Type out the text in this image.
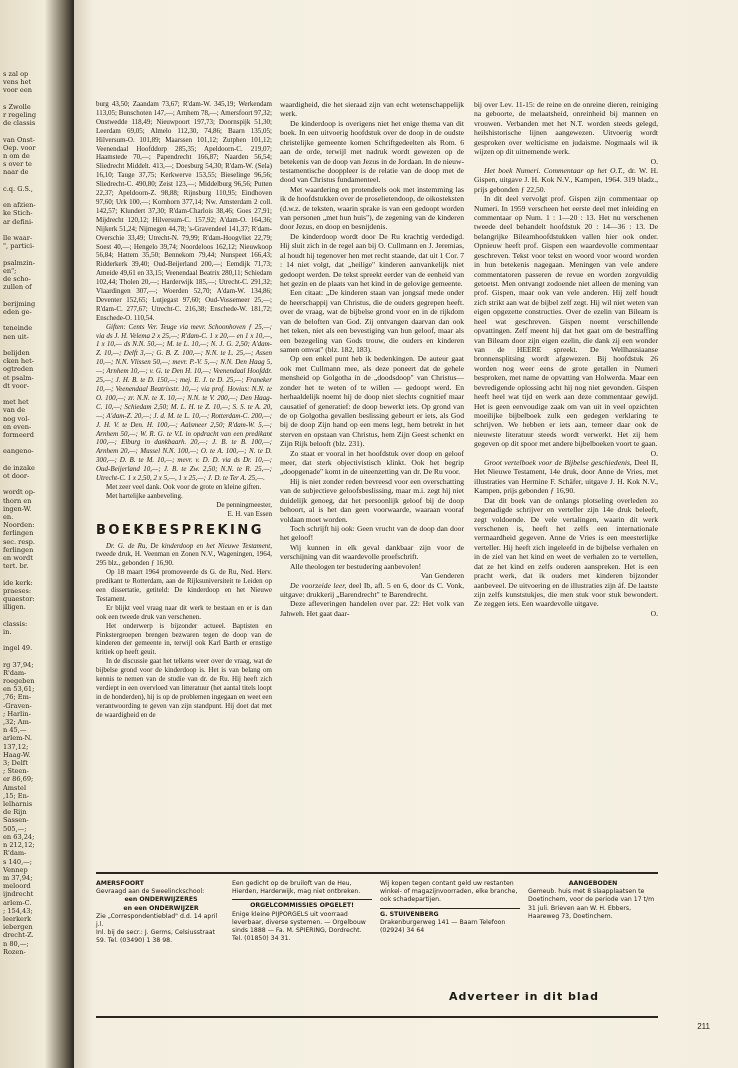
s zal op
vens het
voor een

s Zwolle
r regeling
de classis

van Onst-
Oep. voor
n om de
s over te
naar de

c.q. G.S.,

en afzien-
ke Stich-
ar defini-

lle waar-
", partici-

psalmzin-
en";
de scho-
zullen of

berijming
eden ge-

teneinde
nen uit-

belijden
cken het-
ogtreden
et psalm-
dt voor-

met het
van de
nog vol-
en even-
formeerd

eangeno-

de inzake
ot door-

wordt op-
thorn en
ingen-W.
en.
Noorden:
ferlingen
sec. resp.
ferlingen
en wordt
tert. br.

ide kerk:
praeses:
quaestor:
illigen.

classis:
in.

ingel 49.

rg 37,94;
R'dam-
roegeben
en 53,61;
,76; Em-
-Graven-
; Harlin-
,32; Am-
n 45,—
arlem-N.
137,12;
Haag-W.
3; Delft
; Steen-
er 86,69;
Amstel
,15; En-
lelharnis
de Rijn
Sassen-
505,—;
en 63,24;
n 212,12;
R'dam-
s 140,—;
Vennep
m 37,94;
meloord
ijndrecht
arlem-C.
; 154,43;
leerkerk
iebergen
drecht-Z.
n 80,—;
Rozen-

burg 43,50; Zaandam 73,67; R'dam-W. 345,19; Werkendam 113,05; Bunschoten 147,—; Arnhem 78,—; Amersfoort 97,32; Onstwedde 118,49; Nieuwpoort 197,73; Doornspijk 51,30; Leerdam 69,05; Almelo 112,30, 74,86; Baarn 135,05; Hilversum-O. 101,89; Maarssen 101,12; Zutphen 101,12; Veenendaal Hoofddorp 285,35; Apeldoorn-C. 219,07; Haamstede 70,—; Papendrecht 166,87; Naarden 56,54; Sliedrecht Middelt. 413,—; Doesburg 54,30; R'dam-W. (Sela) 16,10; Tauge 37,75; Kerkwerve 153,55; Bieselinge 96,56; Sliedrecht-C. 490,80; Zeist 123,—; Middelburg 96,56; Putten 22,37; Apeldoorn-Z. 98,88; Rijnsburg 110,95; Eindhoven 97,60; Urk 100,—; Kornhorn 377,14; Nw. Amsterdam 2 coll. 142,57; Klundert 37,30; R'dam-Charlois 38,46; Goes 27,91; Mijdrecht 120,12; Hilversum-C. 157,92; A'dam-O. 164,36; Nijkerk 51,24; Nijmegen 44,78; 's-Gravendeel 141,37; R'dam-Overschie 33,49; Utrecht-N. 79,99; R'dam-Hoogvliet 22,79; Soest 40,—; Hengelo 39,74; Noordeloos 162,12; Nieuwkoop 56,84; Hattem 35,50; Bennekom 79,44; Nunspeet 166,43; Ridderkerk 39,40; Oud-Beijerland 200,—; Eemdijk 71,73; Ameide 49,61 en 33,15; Veenendaal Beatrix 280,11; Schiedam 102,44; Tholen 20,—; Harderwijk 185,—; Utrecht-C. 291,32; Vlaardingen 307,—; Woerden 52,70; A'dam-W. 134,86; Deventer 152,65; Lutjegast 97,60; Oud-Vossemeer 25,—; R'dam-C. 277,67; Utrecht-C. 216,38; Enschede-W. 181,72; Enschede-O. 110,54.

Giften: Cents Ver. Teuge via mevr. Schoonhoven ƒ 25,—; via ds J. H. Velema 2 x 25,—; R'dam-C. 1 x 20,— en 1 x 10,—, 1 x 10,— ds N.N. 50,—; M. te L. 10,—; N. J. G. 2,50; A'dam-Z. 10,—; Delft 3,—; G. B. Z. 100,—; N.N. te L. 25,—; Assen 10,—; N.N. Vlissen 50,—; mevr. P.-V. 5,—; N.N. Den Haag 5,—; Arnhem 10,—; v. G. te Den H. 10,—; Veenendaal Hoofddr. 25,—; J. H. B. te D. 150,—; mej. E. J. te D. 25,—; Franeker 10,—; Veenendaal Beatrixstr. 10,—; via prof. Hovius: N.N. te O. 100,—; zr. N.N. te X. 10,—; N.N. te V. 200,—; Den Haag-C. 10,—; Schiedam 2,50; M. L. H. te Z. 10,—; S. S. te A. 20,—; A'dam-Z. 20,—; J. d. M. te L. 10,—; Rotterdam-C. 200,—; J. H. V. te Den. H. 100,—; Aalsmeer 2,50; R'dam-W. 5,—; Arnhem 50,—; W. R. G. te V.L in opdracht van een predikant 100,—; Elburg in dankbaarh. 20,—; J. B. te B. 100,—; Arnhem 20,—; Mussel N.N. 100,—; O. te A. 100,—; N. te D. 300,—; D. B. te M. 10,—; mevr. v. D. D. via ds Dr. 10,—; Oud-Beijerland 10,—; J. B. te Zw. 2,50; N.N. te R. 25,—; Utrecht-C. 1 x 2,50, 2 x 5,—, 1 x 25,—; J. D. te Ter A. 25,—.

Met zeer veel dank. Ook voor de grote en kleine giften.

Met hartelijke aanbeveling.

De penningmeester,

E. H. van Essen

BOEKBESPREKING

Dr. G. de Ru, De kinderdoop en het Nieuwe Testament, tweede druk, H. Veenman en Zonen N.V., Wageningen, 1964, 295 blz., gebonden ƒ 16,90.

Op 18 maart 1964 promoveerde ds G. de Ru, Ned. Herv. predikant te Rotterdam, aan de Rijksuniversiteit te Leiden op een dissertatie, getiteld: De kinderdoop en het Nieuwe Testament.

Er blijkt veel vraag naar dit werk te bestaan en er is dan ook een tweede druk van verschenen.

Het onderwerp is bijzonder actueel. Baptisten en Pinkstergroepen brengen bezwaren tegen de doop van de kinderen der gemeente in, terwijl ook Karl Barth er ernstige kritiek op heeft geuit.

In de discussie gaat het telkens weer over de vraag, wat de bijbelse grond voor de kinderdoop is. Het is van belang om kennis te nemen van de studie van dr. de Ru. Hij heeft zich verdiept in een overvloed van litteratuur (het aantal titels loopt in de honderden), hij is op de problemen ingegaan en weet een verantwoording te geven van zijn standpunt. Hij doet dat met de waardigheid en de

waardigheid, die het sieraad zijn van echt wetenschappelijk werk.

De kinderdoop is overigens niet het enige thema van dit boek. In een uitvoerig hoofdstuk over de doop in de oudste christelijke gemeente komen Schriftgedeelten als Rom. 6 aan de orde, terwijl met nadruk wordt gewezen op de betekenis van de doop van Jezus in de Jordaan. In de nieuw-testamentische dooppleer is de relatie van de doop met de dood van Christus fundamenteel.

Met waardering en protendeels ook met instemming las ik de hoofdstukken over de proselietendoop, de oikosteksten (d.w.z. de teksten, waarin sprake is van een gedoopt worden van personen „met hun huis"), de zegening van de kinderen door Jezus, en doop en besnijdenis.

De kinderdoop wordt door De Ru krachtig verdedigd. Hij sluit zich in de regel aan bij O. Cullmann en J. Jeremias, al houdt hij tegenover hen met recht staande, dat uit 1 Cor. 7 : 14 niet volgt, dat „heilige" kinderen aanvankelijk niet gedoopt werden. De tekst spreekt eerder van de eenheid van het gezin en de plaats van het kind in de gelovige gemeente.

Een citaat: „De kinderen staan van jongsaf mede onder de heerschappij van Christus, die de ouders gegrepen heeft. over de vraag, wat de bijbelse grond voor en in de rijkdom van de beloften van God. Zij ontvangen daarvan dan ook het teken, niet als een bevestiging van hun geloof, maar als een bezegeling van Gods trouw, die ouders en kinderen samen omvat" (blz. 182, 183).

Op een enkel punt heb ik bedenkingen. De auteur gaat ook met Cullmann mee, als deze poneert dat de gehele mensheid op Golgotha in de „doodsdoop" van Christus— zonder het te weten of te willen — gedoopt werd. En herhaaldelijk noemt hij de doop niet slechts cognitief maar causatief of generatief: de doop bewerkt iets. Op grond van de op Golgotha gevallen beslissing gebeurt er iets, als God bij de doop Zijn hand op een mens legt, hem betrekt in het sterven en opstaan van Christus, hem Zijn Geest schenkt en Zijn Rijk belooft (blz. 231).

Zo staat er vooral in het hoofdstuk over doop en geloof meer, dat sterk objectivistisch klinkt. Ook het begrip „doopgenade" komt in de uiteenzetting van dr. De Ru voor.

Hij is niet zonder reden bevreesd voor een overschatting van de subjectieve geloofsbeslissing, maar m.i. zegt hij niet duidelijk genoeg, dat het persoonlijk geloof bij de doop behoort, al is het dan geen voorwaarde, waaraan vooraf voldaan moet worden.

Toch schrijft hij ook: Geen vrucht van de doop dan door het geloof!

Wij kunnen in elk geval dankbaar zijn voor de verschijning van dit waardevolle proefschrift.

Alle theologen ter bestudering aanbevolen!

Van Genderen

De voorzeide leer, deel Ib, afl. 5 en 6, door ds C. Vonk, uitgave: drukkerij „Barendrecht" te Barendrecht.

Deze afleveringen handelen over par. 22: Het volk van Jahweh. Het gaat daar-

bij over Lev. 11-15: de reine en de onreine dieren, reiniging na geboorte, de melaatsheid, onreinheid bij mannen en vrouwen. Verbanden met het N.T. worden steeds gelegd, heilshistorische lijnen aangewezen. Uitvoerig wordt gesproken over welticisme en judaisme. Nogmaals wil ik wijzen op dit uitnemende werk.

O.

Het boek Numeri. Commentaar op het O.T., dr. W. H. Gispen, uitgave J. H. Kok N.V., Kampen, 1964. 319 bladz., prijs gebonden ƒ 22,50.

In dit deel vervolgt prof. Gispen zijn commentaar op Numeri. In 1959 verscheen het eerste deel met inleiding en commentaar op Num. 1 : 1—20 : 13. Het nu verschenen tweede deel behandelt hoofdstuk 20 : 14—36 : 13. De belangrijke Bileamhoofdstukken vallen hier ook onder. Opnieuw heeft prof. Gispen een waardevolle commentaar geschreven. Tekst voor tekst en woord voor woord worden in hun betekenis nagegaan. Meningen van vele andere commentatoren passeren de revue en worden zorgvuldig getoetst. Men ontvangt zodoende niet alleen de mening van prof. Gispen, maar ook van vele anderen. Hij zelf houdt zich strikt aan wat de bijbel zelf zegt. Hij wil niet weten van eigen opgezette constructies. Over de ezelin van Bileam is heel wat geschreven. Gispen noemt verschillende opvattingen. Zelf meent hij dat het gaat om de bestraffing van Bileam door zijn eigen ezelin, die dank zij een wonder van de HEERE spreekt. De Wellhausiaanse bronnensplitsing wordt afgewezen. Bij hoofdstuk 26 worden nog weer eens de grote getallen in Numeri besproken, met name de opvatting van Holwerda. Maar een bevredigende oplossing acht hij nog niet gevonden. Gispen heeft heel wat tijd en werk aan deze commentaar gewijd. Het is geen eenvoudige zaak om van uit in veel opzichten moeilijke bijbelboek zulk een gedegen verklaring te schrijven. We hebben er iets aan, temeer daar ook de nieuwste literatuur steeds wordt verwerkt. Het zij hem gegeven op dit spoor met andere bijbelboeken voort te gaan.

O.

Groot vertelboek voor de Bijbelse geschiedenis, Deel II, Het Nieuwe Testament, 14e druk, door Anne de Vries, met illustraties van Hermine F. Schäfer, uitgave J. H. Kok N.V., Kampen, prijs gebonden ƒ 16,90.

Dat dit boek van de onlangs plotseling overleden zo begenadigde schrijver en verteller zijn 14e druk beleeft, zegt voldoende. De vele vertalingen, waarin dit werk verschenen is, heeft het zelfs een internationale vermaardheid gegeven. Anne de Vries is een meesterlijke verteller. Hij heeft zich ingeleefd in de bijbelse verhalen en in de ziel van het kind en weet de verhalen zo te vertellen, dat ze het kind en zelfs ouderen aanspreken. Het is een pracht werk, dat ik ouders met kinderen bijzonder aanbeveel. De uitvoering en de illustraties zijn áf. De laatste zijn zelfs kunststukjes, die men stuk voor stuk bewondert. Ze zeggen iets. Een waardevolle uitgave.

O.

AMERSFOORT
Gevraagd aan de Sweelinckschool:
een ONDERWIJZERES
en een ONDERWIJZER
Zie „Correspondentieblad" d.d. 14 april j.l.
Inl. bij de secr.: J. Germs, Celsiusstraat 59. Tel. (03490) 1 38 98.
Een gedicht op de bruiloft van de Heu, Hierden, Harderwijk, mag niet ontbreken.
ORGELCOMMISSIES OPGELET!
Enige kleine PIJPORGELS uit voorraad leverbaar, diverse systemen. — Orgelbouw sinds 1888 — Fa. M. SPIERING, Dordrecht. Tel. (01850) 34 31.
Wij kopen tegen contant geld uw restanten winkel- of magazijnvoorraden, elke branche, ook schadepartijen.
G. STUIVENBERG
Drakenburgerweg 141 — Baarn Telefoon (02924) 34 64
AANGEBODEN
Gemeub. huis met 8 slaapplaatsen te Doetinchem, voor de periode van 17 t/m 31 juli. Brieven aan W. H. Ebbers, Haareweg 73, Doetinchem.
Adverteer in dit blad
211
